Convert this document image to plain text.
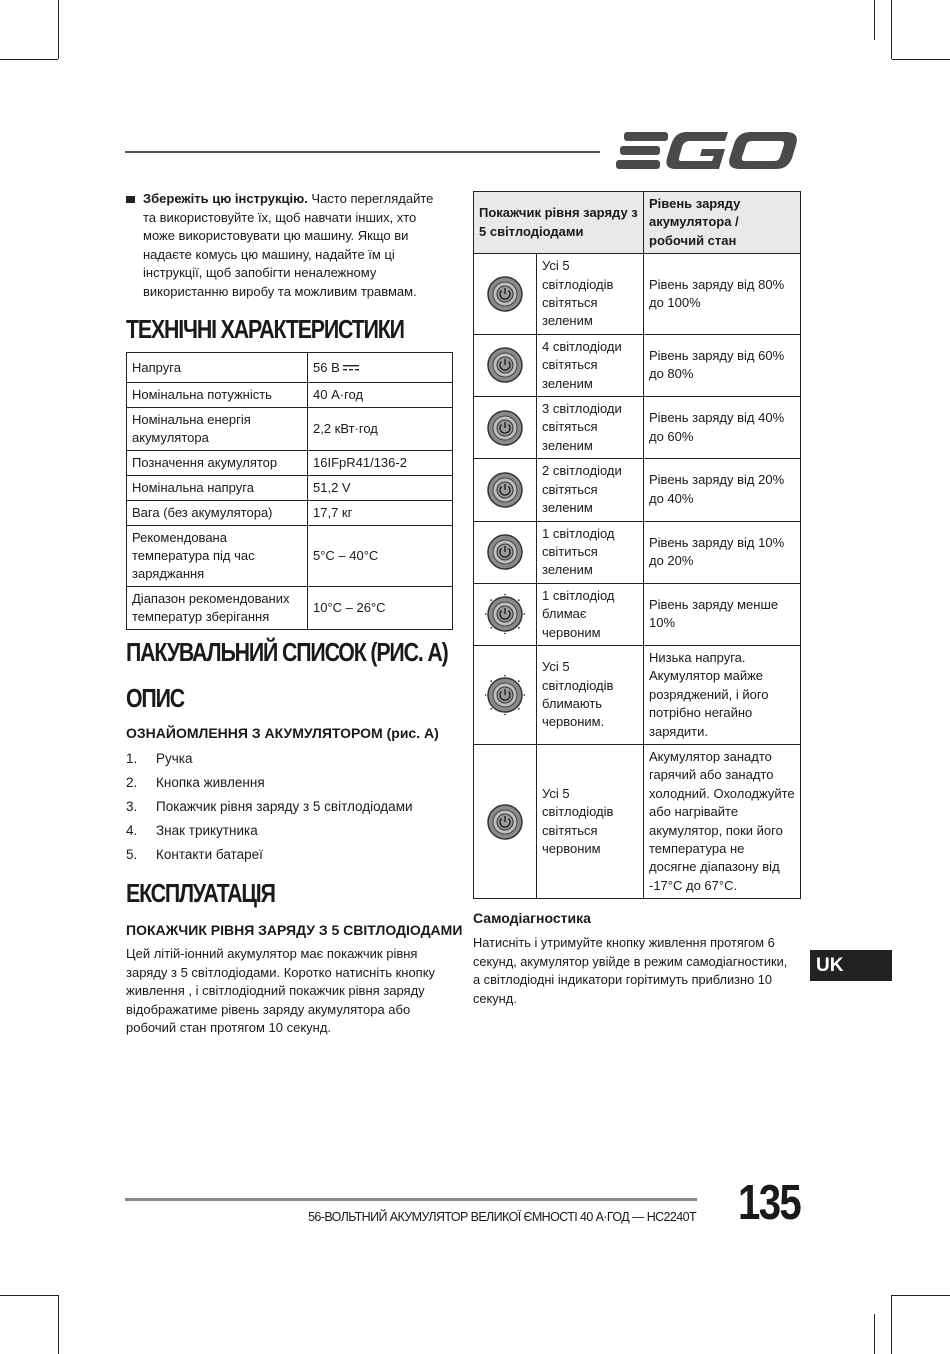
Збережіть цю інструкцію. Часто переглядайте та використовуйте їх, щоб навчати інших, хто може використовувати цю машину. Якщо ви надаєте комусь цю машину, надайте їм ці інструкції, щоб запобігти неналежному використанню виробу та можливим травмам.
ТЕХНІЧНІ ХАРАКТЕРИСТИКИ
Напруга	56 В
Номінальна потужність	40 А·год
Номінальна енергія акумулятора	2,2 кВт·год
Позначення акумулятор	16IFpR41/136-2
Номінальна напруга	51,2 V
Вага (без акумулятора)	17,7 кг
Рекомендована температура під час заряджання	5°C – 40°C
Діапазон рекомендованих температур зберігання	10°C – 26°C
ПАКУВАЛЬНИЙ СПИСОК (РИС. A)
ОПИС
ОЗНАЙОМЛЕННЯ З АКУМУЛЯТОРОМ (рис. A)
1.	Ручка
2.	Кнопка живлення
3.	Покажчик рівня заряду з 5 світлодіодами
4.	Знак трикутника
5.	Контакти батареї
ЕКСПЛУАТАЦІЯ
ПОКАЖЧИК РІВНЯ ЗАРЯДУ З 5 СВІТЛОДІОДАМИ
Цей літій-іонний акумулятор має покажчик рівня заряду з 5 світлодіодами. Коротко натисніть кнопку живлення , і світлодіодний покажчик рівня заряду відображатиме рівень заряду акумулятора або робочий стан протягом 10 секунд.
Покажчик рівня заряду з 5 світлодіодами		Рівень заряду акумулятора / робочий стан

	Усі 5 світлодіодів світяться зеленим	Рівень заряду від 80% до 100%

	4 світлодіоди світяться зеленим	Рівень заряду від 60% до 80%

	3 світлодіоди світяться зеленим	Рівень заряду від 40% до 60%

	2 світлодіоди світяться зеленим	Рівень заряду від 20% до 40%

	1 світлодіод світиться зеленим	Рівень заряду від 10% до 20%

	1 світлодіод блимає червоним	Рівень заряду менше 10%

	Усі 5 світлодіодів блимають червоним.	Низька напруга. Акумулятор майже розряджений, і його потрібно негайно зарядити.

	Усі 5 світлодіодів світяться червоним	Акумулятор занадто гарячий або занадто холодний. Охолоджуйте або нагрівайте акумулятор, поки його температура не досягне діапазону від -17°C до 67°C.
Самодіагностика
Натисніть і утримуйте кнопку живлення протягом 6 секунд, акумулятор увійде в режим самодіагностики, а світлодіодні індикатори горітимуть приблизно 10 секунд.
UK
56-ВОЛЬТНИЙ АКУМУЛЯТОР ВЕЛИКОЇ ЄМНОСТІ 40 А·ГОД — HC2240T 135
